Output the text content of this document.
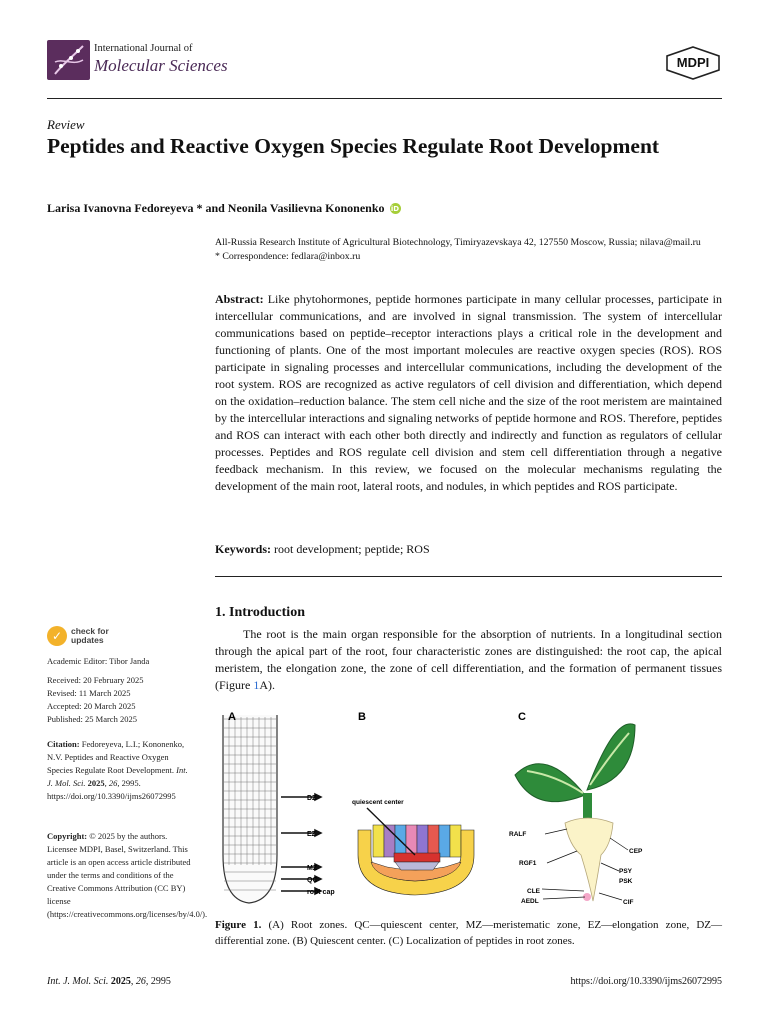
International Journal of
Molecular Sciences	MDPI
Review
Peptides and Reactive Oxygen Species Regulate Root Development
Larisa Ivanovna Fedoreyeva * and Neonila Vasilievna Kononenko iD
All-Russia Research Institute of Agricultural Biotechnology, Timiryazevskaya 42, 127550 Moscow, Russia; nilava@mail.ru
* Correspondence: fedlara@inbox.ru
Abstract: Like phytohormones, peptide hormones participate in many cellular processes, participate in intercellular communications, and are involved in signal transmission. The system of intercellular communications based on peptide–receptor interactions plays a critical role in the development and functioning of plants. One of the most important molecules are reactive oxygen species (ROS). ROS participate in signaling processes and intercellular communications, including the development of the root system. ROS are recognized as active regulators of cell division and differentiation, which depend on the oxidation–reduction balance. The stem cell niche and the size of the root meristem are maintained by the intercellular interactions and signaling networks of peptide hormone and ROS. Therefore, peptides and ROS can interact with each other both directly and indirectly and function as regulators of cellular processes. Peptides and ROS regulate cell division and stem cell differentiation through a negative feedback mechanism. In this review, we focused on the molecular mechanisms regulating the development of the main root, lateral roots, and nodules, in which peptides and ROS participate.
Keywords: root development; peptide; ROS
✓	check for
updates
Academic Editor: Tibor Janda
Received: 20 February 2025
Revised: 11 March 2025
Accepted: 20 March 2025
Published: 25 March 2025
Citation: Fedoreyeva, L.I.; Kononenko, N.V. Peptides and Reactive Oxygen Species Regulate Root Development. Int. J. Mol. Sci. 2025, 26, 2995. https://doi.org/10.3390/ijms26072995
Copyright: © 2025 by the authors. Licensee MDPI, Basel, Switzerland. This article is an open access article distributed under the terms and conditions of the Creative Commons Attribution (CC BY) license (https://creativecommons.org/licenses/by/4.0/).
1. Introduction
The root is the main organ responsible for the absorption of nutrients. In a longitudinal section through the apical part of the root, four characteristic zones are distinguished: the root cap, the apical meristem, the elongation zone, the zone of cell differentiation, and the formation of permanent tissues (Figure 1A).
A	B	C
DZ
EZ
MZ
QC
root cap
quiescent center
RALF
RGF1
CEP
PSY
PSK
CLE
AEDL	CIF
Figure 1. (A) Root zones. QC—quiescent center, MZ—meristematic zone, EZ—elongation zone, DZ—differential zone. (B) Quiescent center. (C) Localization of peptides in root zones.
Int. J. Mol. Sci. 2025, 26, 2995	https://doi.org/10.3390/ijms26072995
